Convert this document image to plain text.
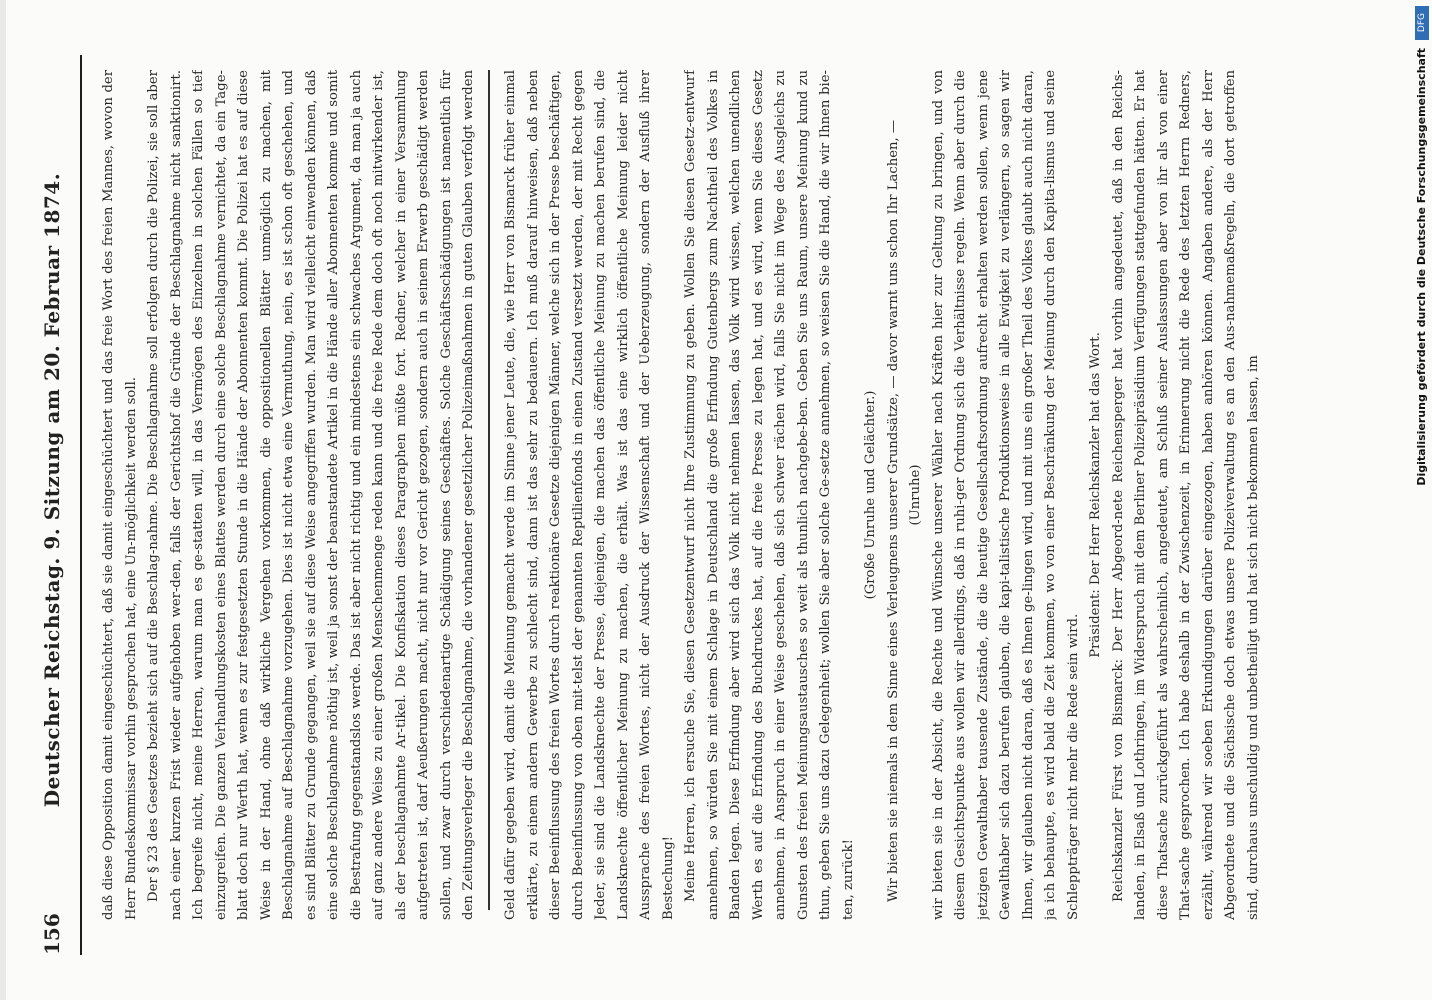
156
Deutscher Reichstag. 9. Sitzung am 20. Februar 1874.	daß diese Opposition damit eingeschüchtert, daß sie damit eingeschüchtert und das freie Wort des freien Mannes, wovon der Herr Bundeskommissar vorhin gesprochen hat, eine Un-möglichkeit werden soll. Der § 23 des Gesetzes bezieht sich auf die Beschlag-nahme. Die Beschlagnahme soll erfolgen durch die Polizei, sie soll aber nach einer kurzen Frist wieder aufgehoben wer-den, falls der Gerichtshof die Gründe der Beschlagnahme nicht sanktionirt. Ich begreife nicht, meine Herren, warum man es ge-statten will, in das Vermögen des Einzelnen in solchen Fällen so tief einzugreifen. Die ganzen Verhandlungskosten eines Blattes werden durch eine solche Beschlagnahme vernichtet, da ein Tage-blatt doch nur Werth hat, wenn es zur festgesetzten Stunde in die Hände der Abonnenten kommt. Die Polizei hat es auf diese Weise in der Hand, ohne daß wirkliche Vergehen vorkommen, die oppositionellen Blätter unmöglich zu machen, mit Beschlagnahme auf Beschlagnahme vorzugehen. Dies ist nicht etwa eine Vermuthung, nein, es ist schon oft geschehen, und es sind Blätter zu Grunde gegangen, weil sie auf diese Weise angegriffen wurden. Man wird vielleicht einwenden können, daß eine solche Beschlagnahme nöthig ist, weil ja sonst der beanstandete Artikel in die Hände aller Abonnenten komme und somit die Bestrafung gegenstandslos werde. Das ist aber nicht richtig und ein mindestens ein schwaches Argument, da man ja auch auf ganz andere Weise zu einer großen Menschenmenge reden kann und die freie Rede dem doch oft noch mitwirkender ist, als der beschlagnahmte Ar-tikel. Die Konfiskation dieses Paragraphen müßte fort. Redner, welcher in einer Versammlung aufgetreten ist, darf Aeußerungen macht, nicht nur vor Gericht gezogen, sondern auch in seinem Erwerb geschädigt werden sollen, und zwar durch verschiedenartige Schädigung seines Geschäftes. Solche Geschäftsschädigungen ist namentlich für den Zeitungsverleger die Beschlagnahme, die vorhandener gesetzlicher Polizeimaßnahmen in guten Glauben verfolgt werden	Geld dafür gegeben wird, damit die Meinung gemacht werde im Sinne jener Leute, die, wie Herr von Bismarck früher einmal erklärte, zu einem andern Gewerbe zu schlecht sind, dann ist das sehr zu bedauern. Ich muß darauf hinweisen, daß neben dieser Beeinflussung des freien Wortes durch reaktionäre Gesetze diejenigen Männer, welche sich in der Presse beschäftigen, durch Beeinflussung von oben mit-telst der genannten Reptilienfonds in einen Zustand versetzt werden, der mit Recht gegen Jeder, sie sind die Landsknechte der Presse, diejenigen, die machen das öffentliche Meinung zu machen berufen sind, die Landsknechte öffentlicher Meinung zu machen, die erhält. Was ist das eine wirklich öffentliche Meinung leider nicht Aussprache des freien Wortes, nicht der Ausdruck der Wissenschaft und der Ueberzeugung, sondern der Ausfluß ihrer Bestechung! Meine Herren, ich ersuche Sie, diesen Gesetzentwurf nicht Ihre Zustimmung zu geben. Wollen Sie diesen Gesetz-entwurf annehmen, so würden Sie mit einem Schlage in Deutschland die große Erfindung Gutenbergs zum Nachtheil des Volkes in Banden legen. Diese Erfindung aber wird sich das Volk nicht nehmen lassen, das Volk wird wissen, welchen unendlichen Werth es auf die Erfindung des Buchdruckes hat, auf die freie Presse zu legen hat, und es wird, wenn Sie dieses Gesetz annehmen, in Anspruch in einer Weise geschehen, daß sich schwer rächen wird, falls Sie nicht im Wege des Ausgleichs zu Gunsten des freien Meinungsaustausches so weit als thunlich nachgebe-ben. Geben Sie uns Raum, unsere Meinung kund zu thun, geben Sie uns dazu Gelegenheit; wollen Sie aber solche Ge-setze annehmen, so weisen Sie die Hand, die wir Ihnen bie-ten, zurück!

(Große Unruhe und Gelächter.) Wir bieten sie niemals in dem Sinne eines Verleugnens unserer Grundsätze, — davor warnt uns schon Ihr Lachen, — (Unruhe) wir bieten sie in der Absicht, die Rechte und Wünsche unserer Wähler nach Kräften hier zur Geltung zu bringen, und von diesem Gesichtspunkte aus wollen wir allerdings, daß in ruhi-ger Ordnung sich die Verhältnisse regeln. Wenn aber durch die jetzigen Gewalthaber tausende Zustände, die die heutige Gesellschaftsordnung aufrecht erhalten werden sollen, wenn jene Gewalthaber sich dazu berufen glauben, die kapi-talistische Produktionsweise in alle Ewigkeit zu verlängern, so sagen wir Ihnen, wir glauben nicht daran, daß es Ihnen ge-lingen wird, und mit uns ein großer Theil des Volkes glaubt auch nicht daran, ja ich behaupte, es wird bald die Zeit kommen, wo von einer Beschränkung der Meinung durch den Kapita-lismus und seine Schleppträger nicht mehr die Rede sein wird.

Präsident: Der Herr Reichskanzler hat das Wort. Reichskanzler Fürst von Bismarck: Der Herr Abgeord-nete Reichensperger hat vorhin angedeutet, daß in den Reichs-landen, in Elsaß und Lothringen, im Widerspruch mit dem Berliner Polizeipräsidium Verfügungen stattgefunden hätten. Er hat diese Thatsache zurückgeführt als wahrscheinlich, angedeutet, am Schluß seiner Auslassungen aber von ihr als von einer That-sache gesprochen. Ich habe deshalb in der Zwischenzeit, in Erinnerung nicht die Rede des letzten Herrn Redners, erzählt, während wir soeben Erkundigungen darüber eingezogen, haben anhören können. Angaben andere, als der Herr Abgeordnete und die Sächsische doch etwas unsere Polizeiverwaltung es an den Aus-nahmemaßregeln, die dort getroffen sind, durchaus unschuldig und unbetheiligt und hat sich nicht bekommen lassen, im

DFG
Digitalisierung gefördert durch die Deutsche Forschungsgemeinschaft
